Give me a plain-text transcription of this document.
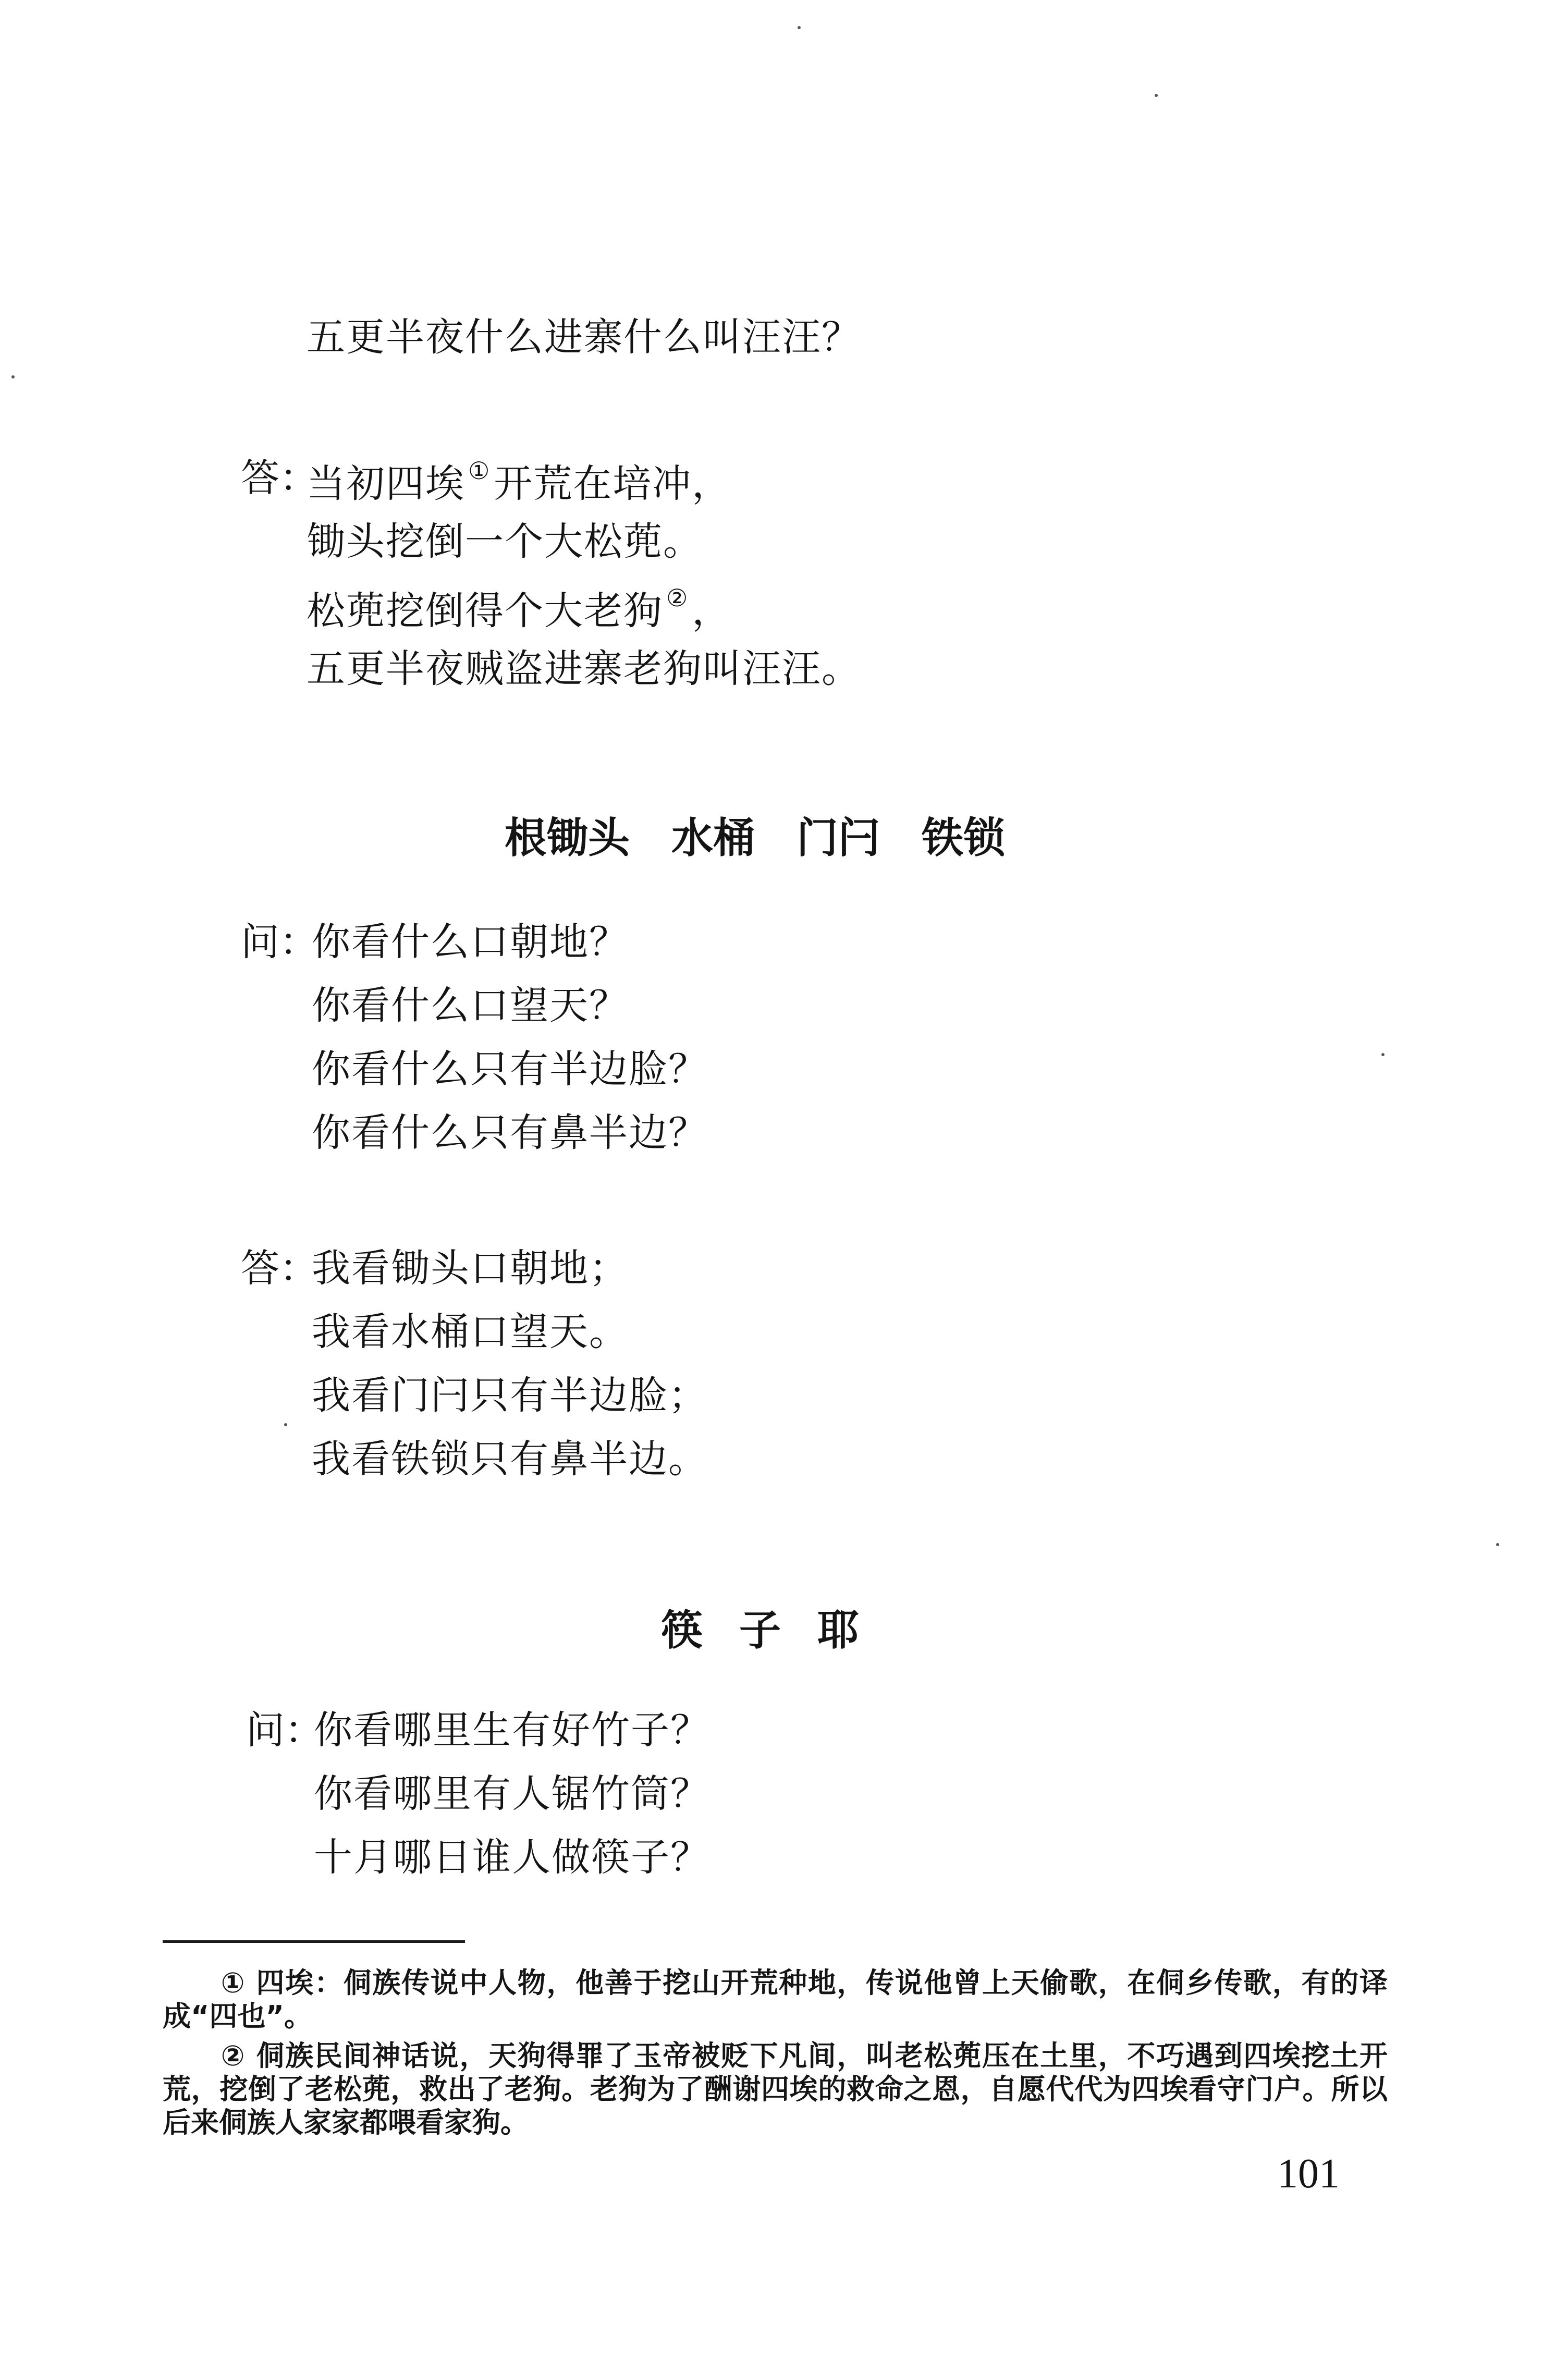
五更半夜什么进寨什么叫汪汪？
答：
当初四埃 ①开荒在培冲，
锄头挖倒一个大松蔸。
松蔸挖倒得个大老狗 ②，
五更半夜贼盗进寨老狗叫汪汪。
根锄头 水桶 门闩 铁锁
问：
你看什么口朝地？
你看什么口望天？
你看什么只有半边脸？
你看什么只有鼻半边？
答：
我看锄头口朝地；
我看水桶口望天。
我看门闩只有半边脸；
我看铁锁只有鼻半边。
筷 子 耶
问：
你看哪里生有好竹子？
你看哪里有人锯竹筒？
十月哪日谁人做筷子？
① 四埃：侗族传说中人物，他善于挖山开荒种地，传说他曾上天偷歌，在侗乡传歌，有的译成“四也”。
② 侗族民间神话说，天狗得罪了玉帝被贬下凡间，叫老松蔸压在土里，不巧遇到四埃挖土开荒，挖倒了老松蔸，救出了老狗。老狗为了酬谢四埃的救命之恩，自愿代代为四埃看守门户。所以后来侗族人家家都喂看家狗。
101
